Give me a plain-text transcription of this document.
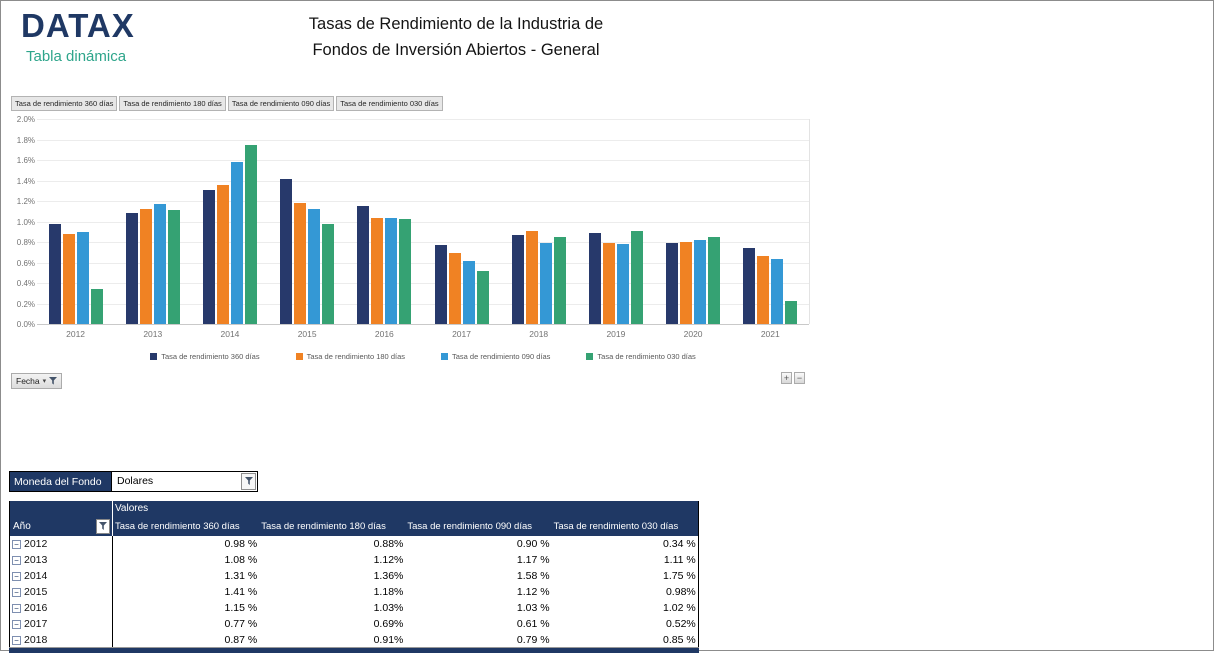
DATAX
Tabla dinámica
Tasas de Rendimiento de la Industria de
Fondos de Inversión Abiertos - General
Tasa de rendimiento 360 días	Tasa de rendimiento 180 días	Tasa de rendimiento 090 días	Tasa de rendimiento 030 días
2.0%
1.8%
1.6%
1.4%
1.2%
1.0%
0.8%
0.6%
0.4%
0.2%
0.0%
2012	2013	2014	2015	2016	2017	2018	2019	2020	2021
Tasa de rendimiento 360 días	Tasa de rendimiento 180 días	Tasa de rendimiento 090 días	Tasa de rendimiento 030 días
Fecha ▾	+ −
Moneda del Fondo	Dolares
Valores
Año	Tasa de rendimiento 360 días	Tasa de rendimiento 180 días	Tasa de rendimiento 090 días	Tasa de rendimiento 030 días
− 2012	0.98 %	0.88%	0.90 %	0.34 %
− 2013	1.08 %	1.12%	1.17 %	1.11 %
− 2014	1.31 %	1.36%	1.58 %	1.75 %
− 2015	1.41 %	1.18%	1.12 %	0.98%
− 2016	1.15 %	1.03%	1.03 %	1.02 %
− 2017	0.77 %	0.69%	0.61 %	0.52%
− 2018	0.87 %	0.91%	0.79 %	0.85 %
